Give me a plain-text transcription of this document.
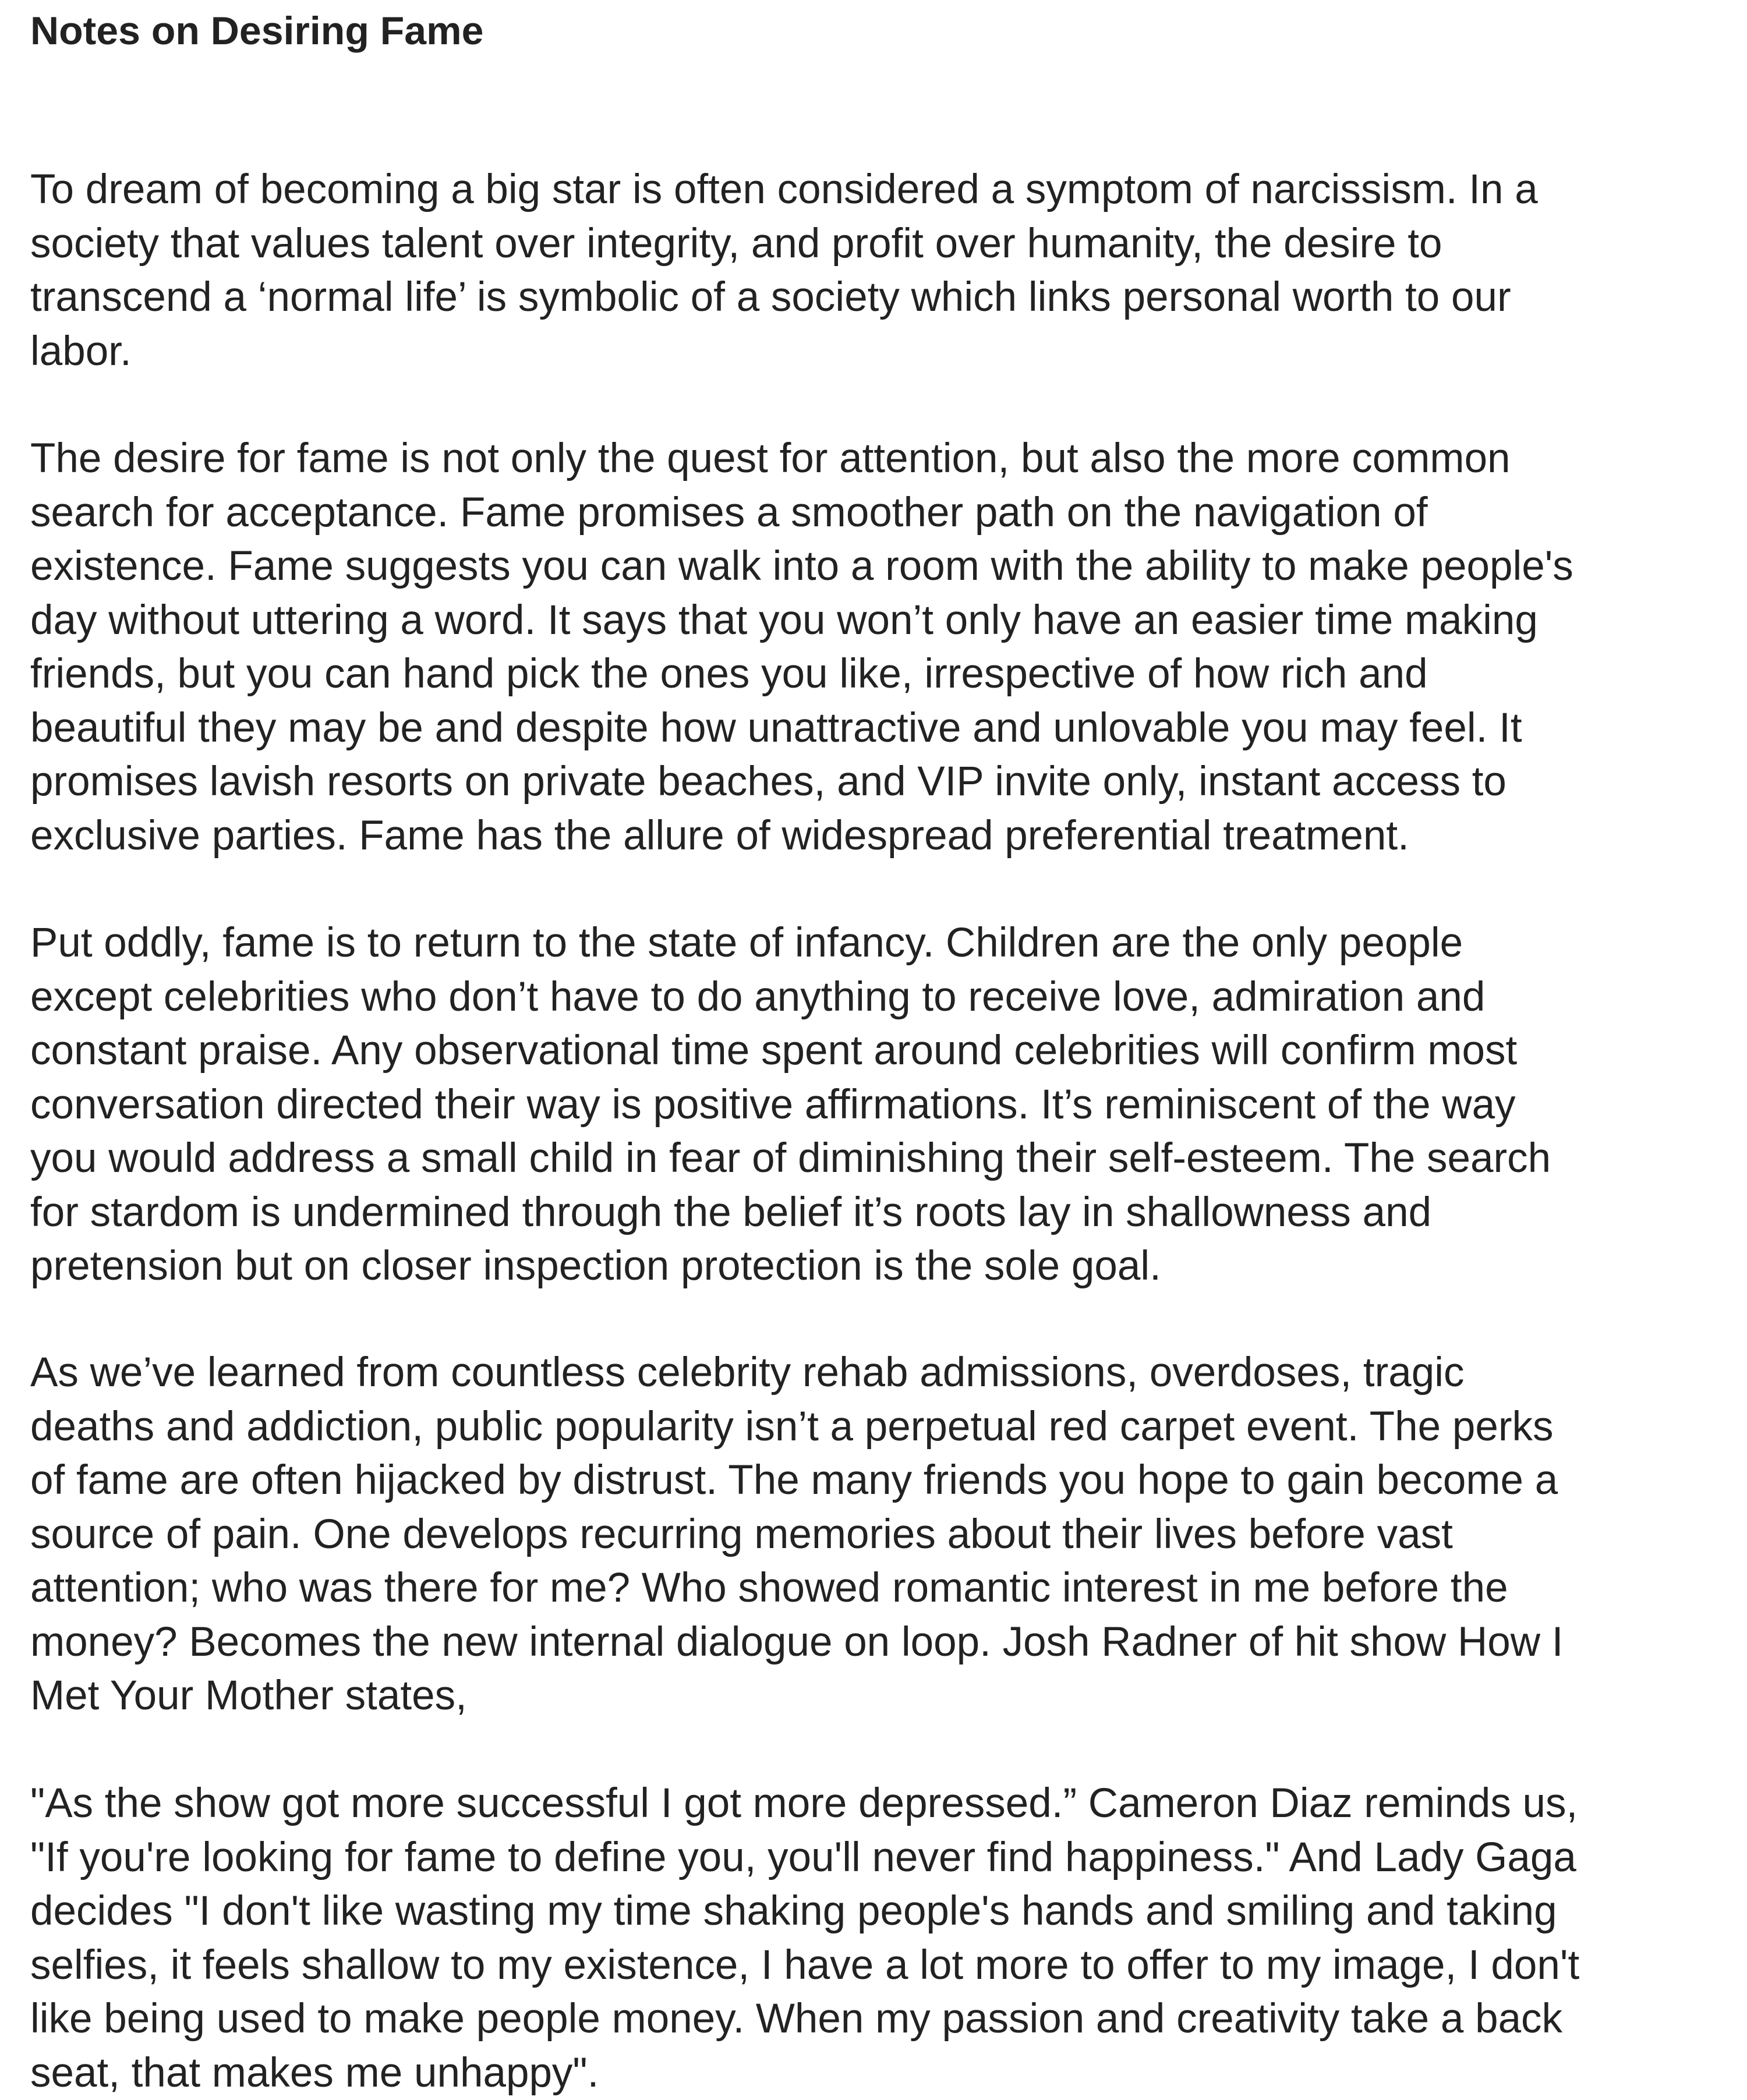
Notes on Desiring Fame

To dream of becoming a big star is often considered a symptom of narcissism. In a
society that values talent over integrity, and profit over humanity, the desire to
transcend a ‘normal life’ is symbolic of a society which links personal worth to our
labor.

The desire for fame is not only the quest for attention, but also the more common
search for acceptance. Fame promises a smoother path on the navigation of
existence. Fame suggests you can walk into a room with the ability to make people's
day without uttering a word. It says that you won’t only have an easier time making
friends, but you can hand pick the ones you like, irrespective of how rich and
beautiful they may be and despite how unattractive and unlovable you may feel. It
promises lavish resorts on private beaches, and VIP invite only, instant access to
exclusive parties. Fame has the allure of widespread preferential treatment.

Put oddly, fame is to return to the state of infancy. Children are the only people
except celebrities who don’t have to do anything to receive love, admiration and
constant praise. Any observational time spent around celebrities will confirm most
conversation directed their way is positive affirmations. It’s reminiscent of the way
you would address a small child in fear of diminishing their self-esteem. The search
for stardom is undermined through the belief it’s roots lay in shallowness and
pretension but on closer inspection protection is the sole goal.

As we’ve learned from countless celebrity rehab admissions, overdoses, tragic
deaths and addiction, public popularity isn’t a perpetual red carpet event. The perks
of fame are often hijacked by distrust. The many friends you hope to gain become a
source of pain. One develops recurring memories about their lives before vast
attention; who was there for me? Who showed romantic interest in me before the
money? Becomes the new internal dialogue on loop. Josh Radner of hit show How I
Met Your Mother states,

"As the show got more successful I got more depressed.” Cameron Diaz reminds us,
"If you're looking for fame to define you, you'll never find happiness." And Lady Gaga
decides "I don't like wasting my time shaking people's hands and smiling and taking
selfies, it feels shallow to my existence, I have a lot more to offer to my image, I don't
like being used to make people money. When my passion and creativity take a back
seat, that makes me unhappy".
